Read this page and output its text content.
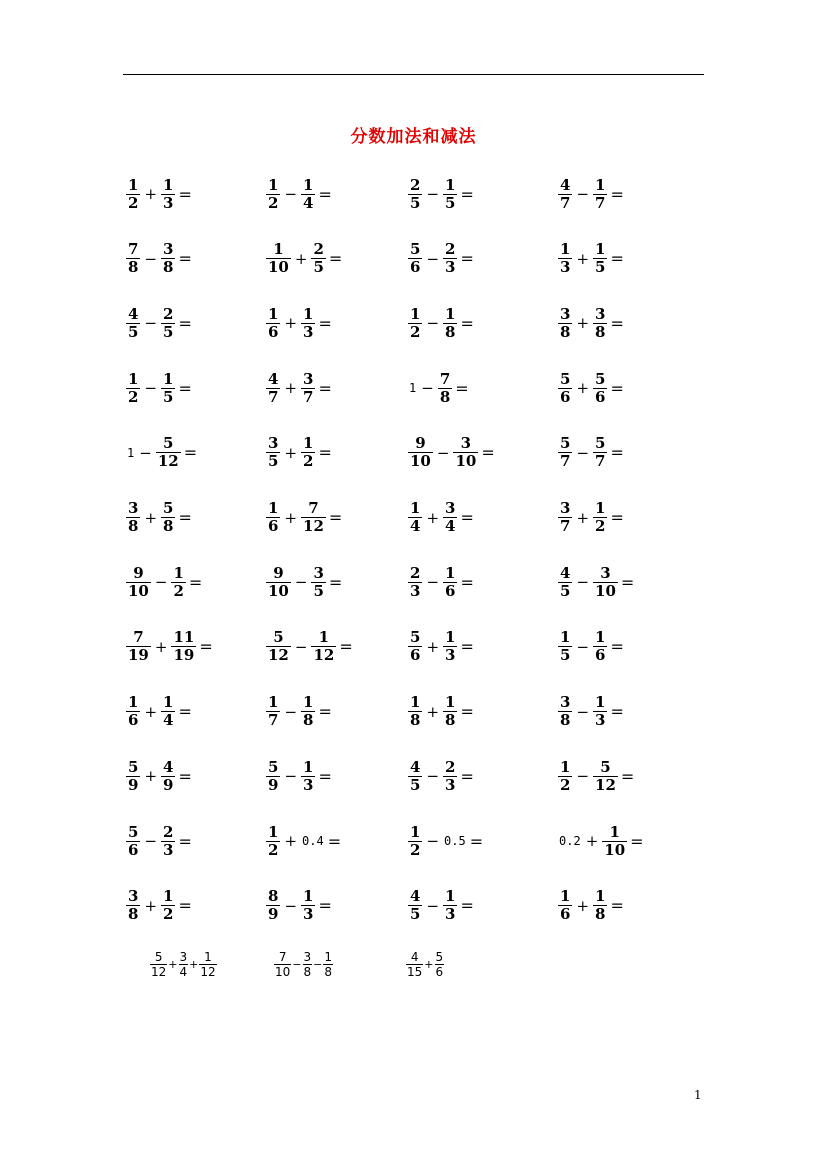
分数加法和减法
$\frac{1}{2} + \frac{1}{3}$ =	$\frac{1}{2} - \frac{1}{4}$ =	$\frac{2}{5} - \frac{1}{5}$ =	$\frac{4}{7} - \frac{1}{7}$ =
$\frac{7}{8} - \frac{3}{8}$ =	$\frac{1}{10} + \frac{2}{5}$ =	$\frac{5}{6} - \frac{2}{3}$ =	$\frac{1}{3} + \frac{1}{5}$ =
$\frac{4}{5} - \frac{2}{5}$ =	$\frac{1}{6} + \frac{1}{3}$ =	$\frac{1}{2} - \frac{1}{8}$ =	$\frac{3}{8} + \frac{3}{8}$ =
$\frac{1}{2} - \frac{1}{5}$ =	$\frac{4}{7} + \frac{3}{7}$ =	$1 - \frac{7}{8}$ =	$\frac{5}{6} + \frac{5}{6}$ =
$1 - \frac{5}{12}$ =	$\frac{3}{5} + \frac{1}{2}$ =	$\frac{9}{10} - \frac{3}{10}$ =	$\frac{5}{7} - \frac{5}{7}$ =
$\frac{3}{8} + \frac{5}{8}$ =	$\frac{1}{6} + \frac{7}{12}$ =	$\frac{1}{4} + \frac{3}{4}$ =	$\frac{3}{7} + \frac{1}{2}$ =
$\frac{9}{10} - \frac{1}{2}$ =	$\frac{9}{10} - \frac{3}{5}$ =	$\frac{2}{3} - \frac{1}{6}$ =	$\frac{4}{5} - \frac{3}{10}$ =
$\frac{7}{19} + \frac{11}{19}$ =	$\frac{5}{12} - \frac{1}{12}$ =	$\frac{5}{6} + \frac{1}{3}$ =	$\frac{1}{5} - \frac{1}{6}$ =
$\frac{1}{6} + \frac{1}{4}$ =	$\frac{1}{7} - \frac{1}{8}$ =	$\frac{1}{8} + \frac{1}{8}$ =	$\frac{3}{8} - \frac{1}{3}$ =
$\frac{5}{9} + \frac{4}{9}$ =	$\frac{5}{9} - \frac{1}{3}$ =	$\frac{4}{5} - \frac{2}{3}$ =	$\frac{1}{2} - \frac{5}{12}$ =
$\frac{5}{6} - \frac{2}{3}$ =	$\frac{1}{2} + 0.4$ =	$\frac{1}{2} - 0.5$ =	$0.2 + \frac{1}{10}$ =
$\frac{3}{8} + \frac{1}{2}$ =	$\frac{8}{9} - \frac{1}{3}$ =	$\frac{4}{5} - \frac{1}{3}$ =	$\frac{1}{6} + \frac{1}{8}$ =
$\frac{5}{12} + \frac{3}{4} + \frac{1}{12}$	$\frac{7}{10} - \frac{3}{8} - \frac{1}{8}$	$\frac{4}{15} + \frac{5}{6}$
1
